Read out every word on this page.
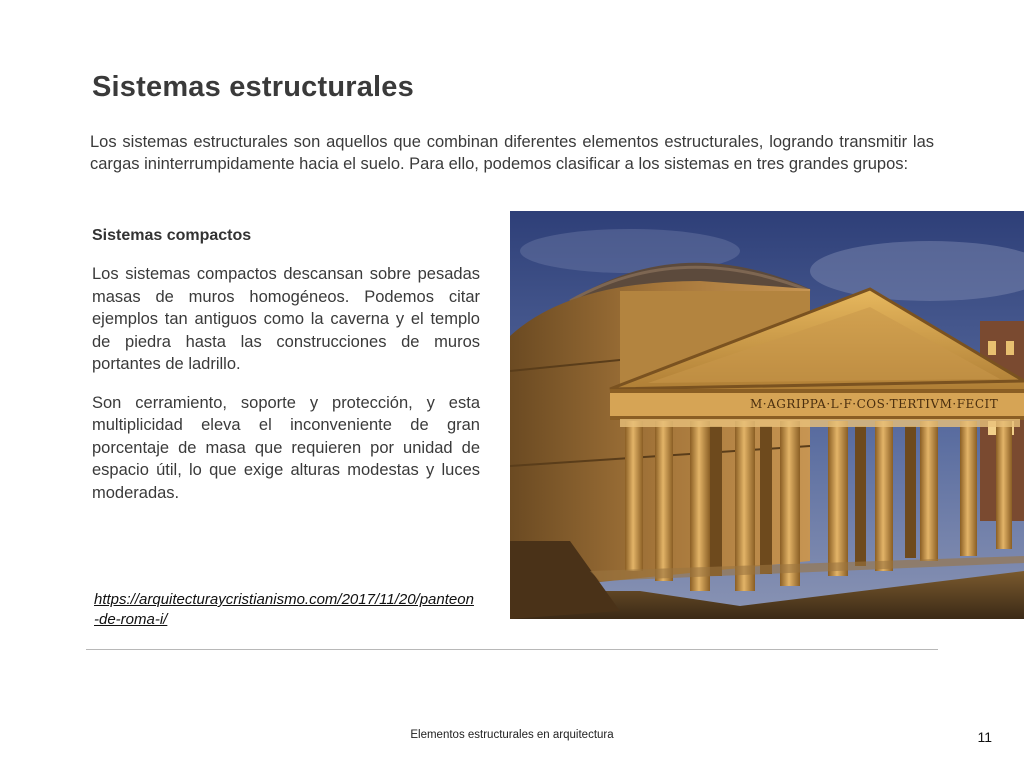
Sistemas estructurales

Los sistemas estructurales son aquellos que combinan diferentes elementos estructurales, logrando transmitir las cargas ininterrumpidamente hacia el suelo. Para ello, podemos clasificar a los sistemas en tres grandes grupos:

Sistemas compactos

Los sistemas compactos descansan sobre pesadas masas de muros homogéneos. Podemos citar ejemplos tan antiguos como la caverna y el templo de piedra hasta las construcciones de muros portantes de ladrillo.

Son cerramiento, soporte y protección, y esta multiplicidad eleva el inconveniente de gran porcentaje de masa que requieren por unidad de espacio útil, lo que exige alturas modestas y luces moderadas.

M·AGRIPPA·L·F·COS·TERTIVM·FECIT
https://arquitecturaycristianismo.com/2017/11/20/panteon-de-roma-i/
Elementos estructurales en arquitectura	11
